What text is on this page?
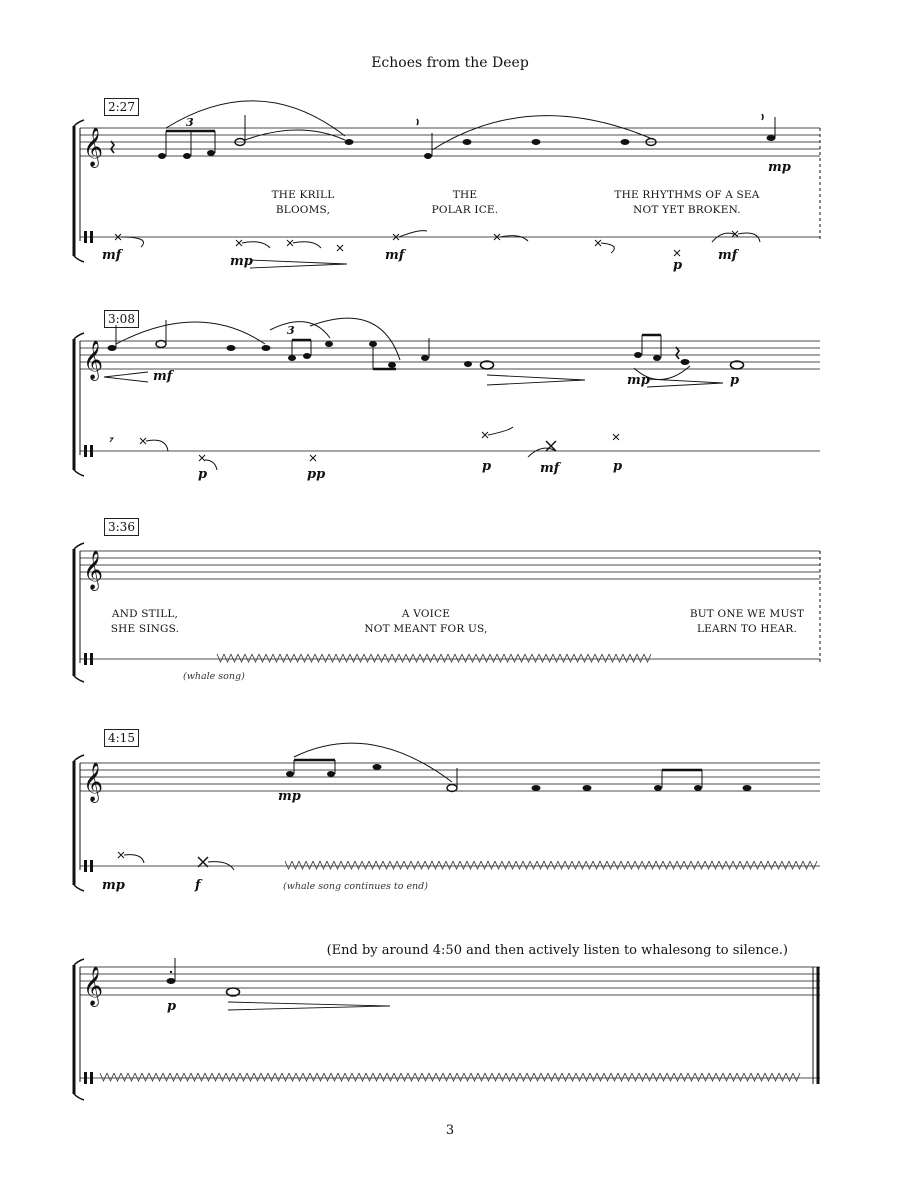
Echoes from the Deep
2:27
3:08
3:36
4:15
THE KRILL
BLOOMS,
THE
POLAR ICE.
THE RHYTHMS OF A SEA
NOT YET BROKEN.
AND STILL,
SHE SINGS.
A VOICE
NOT MEANT FOR US,
BUT ONE WE MUST
LEARN TO HEAR.
mf	mp	mf
p
mf
mp
mf
p	pp
p	mf	p
mp	p
(whale song)
mp
mp	f	(whale song continues to end)
p
(End by around 4:50 and then actively listen to whalesong to silence.)
3
𝄞
𝄞
𝄞
𝄞
𝄞
3
3
